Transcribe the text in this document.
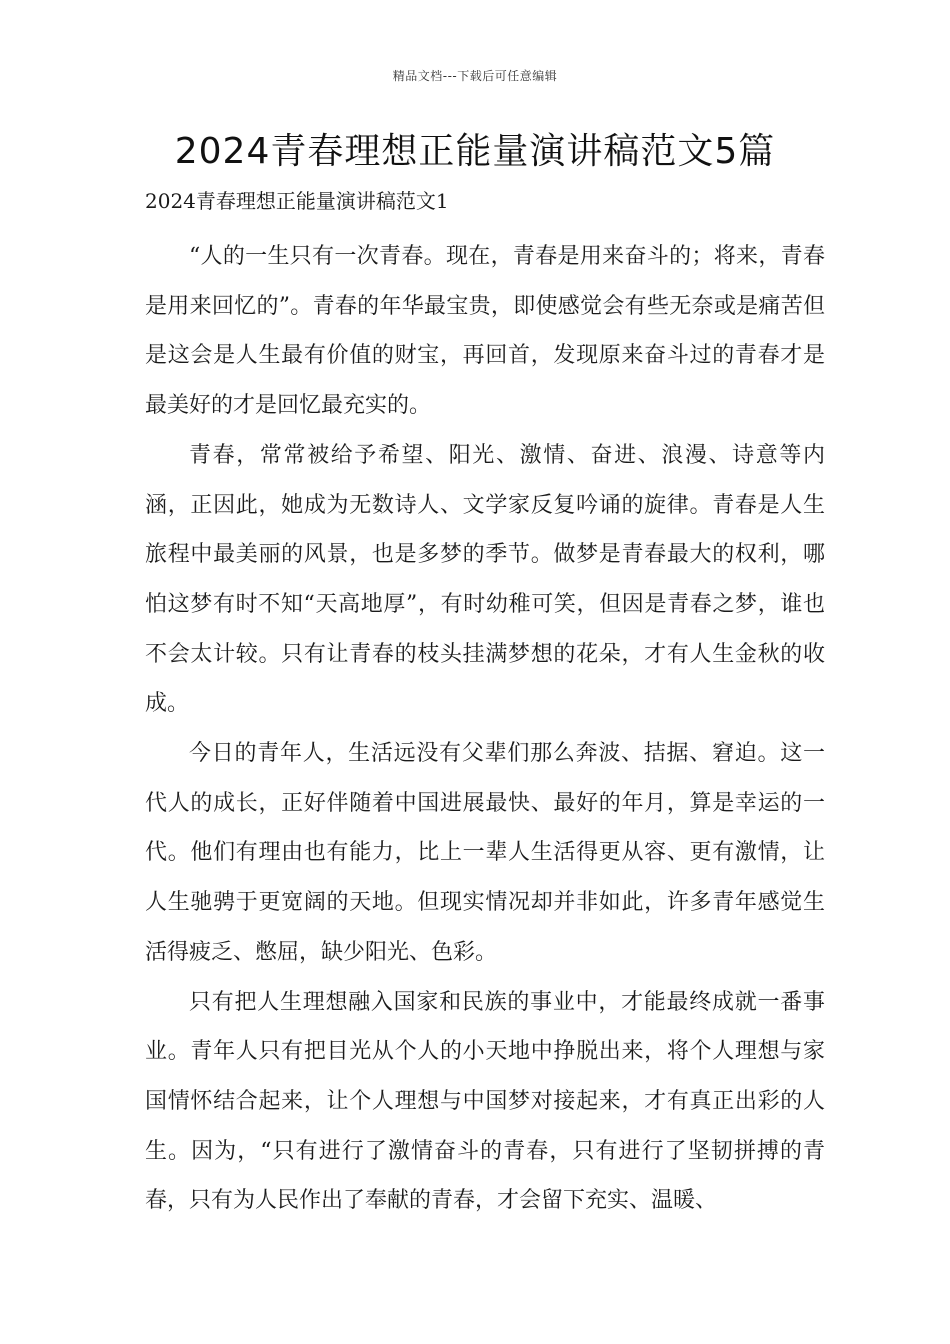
精品文档---下载后可任意编辑
2024青春理想正能量演讲稿范文5篇
2024青春理想正能量演讲稿范文1

“人的一生只有一次青春。现在，青春是用来奋斗的；将来，青春是用来回忆的”。青春的年华最宝贵，即使感觉会有些无奈或是痛苦但是这会是人生最有价值的财宝，再回首，发现原来奋斗过的青春才是最美好的才是回忆最充实的。

青春，常常被给予希望、阳光、激情、奋进、浪漫、诗意等内涵，正因此，她成为无数诗人、文学家反复吟诵的旋律。青春是人生旅程中最美丽的风景，也是多梦的季节。做梦是青春最大的权利，哪怕这梦有时不知“天高地厚”，有时幼稚可笑，但因是青春之梦，谁也不会太计较。只有让青春的枝头挂满梦想的花朵，才有人生金秋的收成。

今日的青年人，生活远没有父辈们那么奔波、拮据、窘迫。这一代人的成长，正好伴随着中国进展最快、最好的年月，算是幸运的一代。他们有理由也有能力，比上一辈人生活得更从容、更有激情，让人生驰骋于更宽阔的天地。但现实情况却并非如此，许多青年感觉生活得疲乏、憋屈，缺少阳光、色彩。

只有把人生理想融入国家和民族的事业中，才能最终成就一番事业。青年人只有把目光从个人的小天地中挣脱出来，将个人理想与家国情怀结合起来，让个人理想与中国梦对接起来，才有真正出彩的人生。因为，“只有进行了激情奋斗的青春，只有进行了坚韧拼搏的青春，只有为人民作出了奉献的青春，才会留下充实、温暖、
